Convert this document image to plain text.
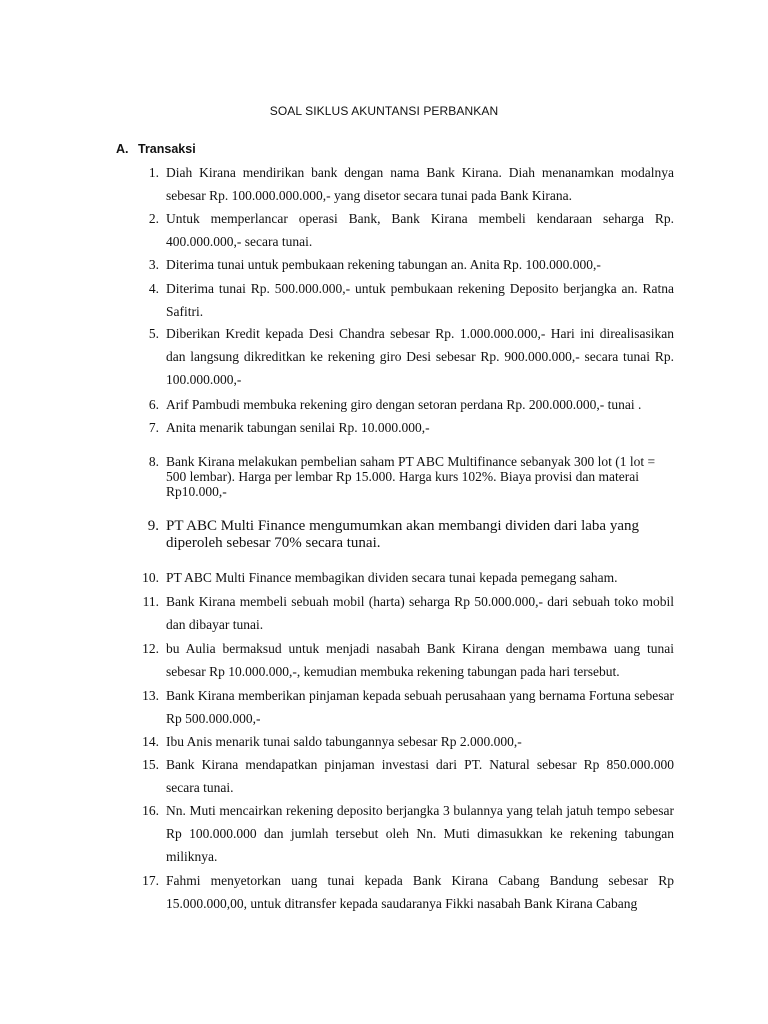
SOAL SIKLUS AKUNTANSI PERBANKAN
A. Transaksi
1. Diah Kirana mendirikan bank dengan nama Bank Kirana. Diah menanamkan modalnya sebesar Rp. 100.000.000.000,- yang disetor secara tunai pada Bank Kirana.
2. Untuk memperlancar operasi Bank, Bank Kirana membeli kendaraan seharga Rp. 400.000.000,- secara tunai.
3. Diterima tunai untuk pembukaan rekening tabungan an. Anita Rp. 100.000.000,-
4. Diterima tunai Rp. 500.000.000,- untuk pembukaan rekening Deposito berjangka an. Ratna Safitri.
5. Diberikan Kredit kepada Desi Chandra sebesar Rp. 1.000.000.000,- Hari ini direalisasikan dan langsung dikreditkan ke rekening giro Desi sebesar Rp. 900.000.000,- secara tunai Rp. 100.000.000,-
6. Arif Pambudi membuka rekening giro dengan setoran perdana Rp. 200.000.000,- tunai .
7. Anita menarik tabungan senilai Rp. 10.000.000,-
8. Bank Kirana melakukan pembelian saham PT ABC Multifinance sebanyak 300 lot (1 lot = 500 lembar). Harga per lembar Rp 15.000. Harga kurs 102%. Biaya provisi dan materai Rp10.000,-
9. PT ABC Multi Finance mengumumkan akan membangi dividen dari laba yang diperoleh sebesar 70% secara tunai.
10. PT ABC Multi Finance membagikan dividen secara tunai kepada pemegang saham.
11. Bank Kirana membeli sebuah mobil (harta) seharga Rp 50.000.000,- dari sebuah toko mobil dan dibayar tunai.
12. bu Aulia bermaksud untuk menjadi nasabah Bank Kirana dengan membawa uang tunai sebesar Rp 10.000.000,-, kemudian membuka rekening tabungan pada hari tersebut.
13. Bank Kirana memberikan pinjaman kepada sebuah perusahaan yang bernama Fortuna sebesar Rp 500.000.000,-
14. Ibu Anis menarik tunai saldo tabungannya sebesar Rp 2.000.000,-
15. Bank Kirana mendapatkan pinjaman investasi dari PT. Natural sebesar Rp 850.000.000 secara tunai.
16. Nn. Muti mencairkan rekening deposito berjangka 3 bulannya yang telah jatuh tempo sebesar Rp 100.000.000 dan jumlah tersebut oleh Nn. Muti dimasukkan ke rekening tabungan miliknya.
17. Fahmi menyetorkan uang tunai kepada Bank Kirana Cabang Bandung sebesar Rp 15.000.000,00, untuk ditransfer kepada saudaranya Fikki nasabah Bank Kirana Cabang
